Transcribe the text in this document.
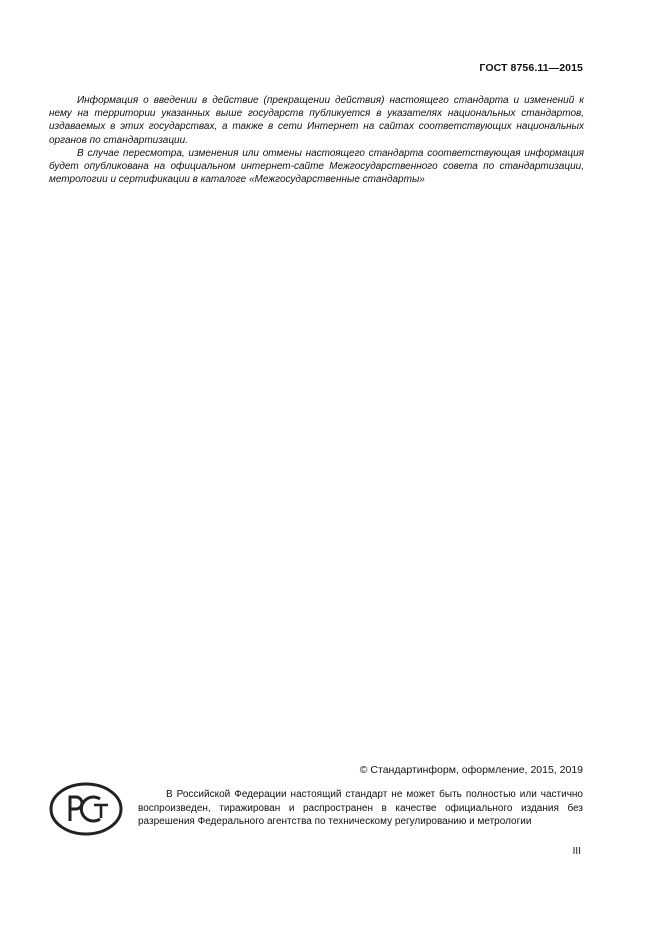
ГОСТ 8756.11—2015

Информация о введении в действие (прекращении действия) настоящего стандарта и изменений к нему на территории указанных выше государств публикуется в указателях национальных стандартов, издаваемых в этих государствах, а также в сети Интернет на сайтах соответствующих национальных органов по стандартизации.

В случае пересмотра, изменения или отмены настоящего стандарта соответствующая информация будет опубликована на официальном интернет-сайте Межгосударственного совета по стандартизации, метрологии и сертификации в каталоге «Межгосударственные стандарты»

© Стандартинформ, оформление, 2015, 2019

В Российской Федерации настоящий стандарт не может быть полностью или частично воспроизведен, тиражирован и распространен в качестве официального издания без разрешения Федерального агентства по техническому регулированию и метрологии

III
